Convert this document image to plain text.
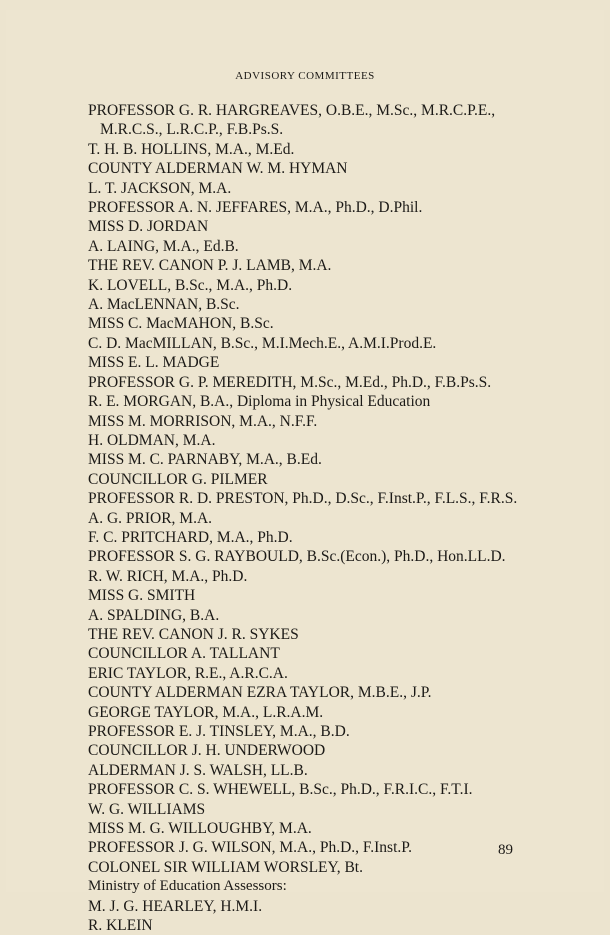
ADVISORY COMMITTEES
PROFESSOR G. R. HARGREAVES, O.B.E., M.Sc., M.R.C.P.E.,
M.R.C.S., L.R.C.P., F.B.Ps.S.
T. H. B. HOLLINS, M.A., M.Ed.
COUNTY ALDERMAN W. M. HYMAN
L. T. JACKSON, M.A.
PROFESSOR A. N. JEFFARES, M.A., Ph.D., D.Phil.
MISS D. JORDAN
A. LAING, M.A., Ed.B.
THE REV. CANON P. J. LAMB, M.A.
K. LOVELL, B.Sc., M.A., Ph.D.
A. MacLENNAN, B.Sc.
MISS C. MacMAHON, B.Sc.
C. D. MacMILLAN, B.Sc., M.I.Mech.E., A.M.I.Prod.E.
MISS E. L. MADGE
PROFESSOR G. P. MEREDITH, M.Sc., M.Ed., Ph.D., F.B.Ps.S.
R. E. MORGAN, B.A., Diploma in Physical Education
MISS M. MORRISON, M.A., N.F.F.
H. OLDMAN, M.A.
MISS M. C. PARNABY, M.A., B.Ed.
COUNCILLOR G. PILMER
PROFESSOR R. D. PRESTON, Ph.D., D.Sc., F.Inst.P., F.L.S., F.R.S.
A. G. PRIOR, M.A.
F. C. PRITCHARD, M.A., Ph.D.
PROFESSOR S. G. RAYBOULD, B.Sc.(Econ.), Ph.D., Hon.LL.D.
R. W. RICH, M.A., Ph.D.
MISS G. SMITH
A. SPALDING, B.A.
THE REV. CANON J. R. SYKES
COUNCILLOR A. TALLANT
ERIC TAYLOR, R.E., A.R.C.A.
COUNTY ALDERMAN EZRA TAYLOR, M.B.E., J.P.
GEORGE TAYLOR, M.A., L.R.A.M.
PROFESSOR E. J. TINSLEY, M.A., B.D.
COUNCILLOR J. H. UNDERWOOD
ALDERMAN J. S. WALSH, LL.B.
PROFESSOR C. S. WHEWELL, B.Sc., Ph.D., F.R.I.C., F.T.I.
W. G. WILLIAMS
MISS M. G. WILLOUGHBY, M.A.
PROFESSOR J. G. WILSON, M.A., Ph.D., F.Inst.P.
COLONEL SIR WILLIAM WORSLEY, Bt.
Ministry of Education Assessors:
M. J. G. HEARLEY, H.M.I.
R. KLEIN
89
